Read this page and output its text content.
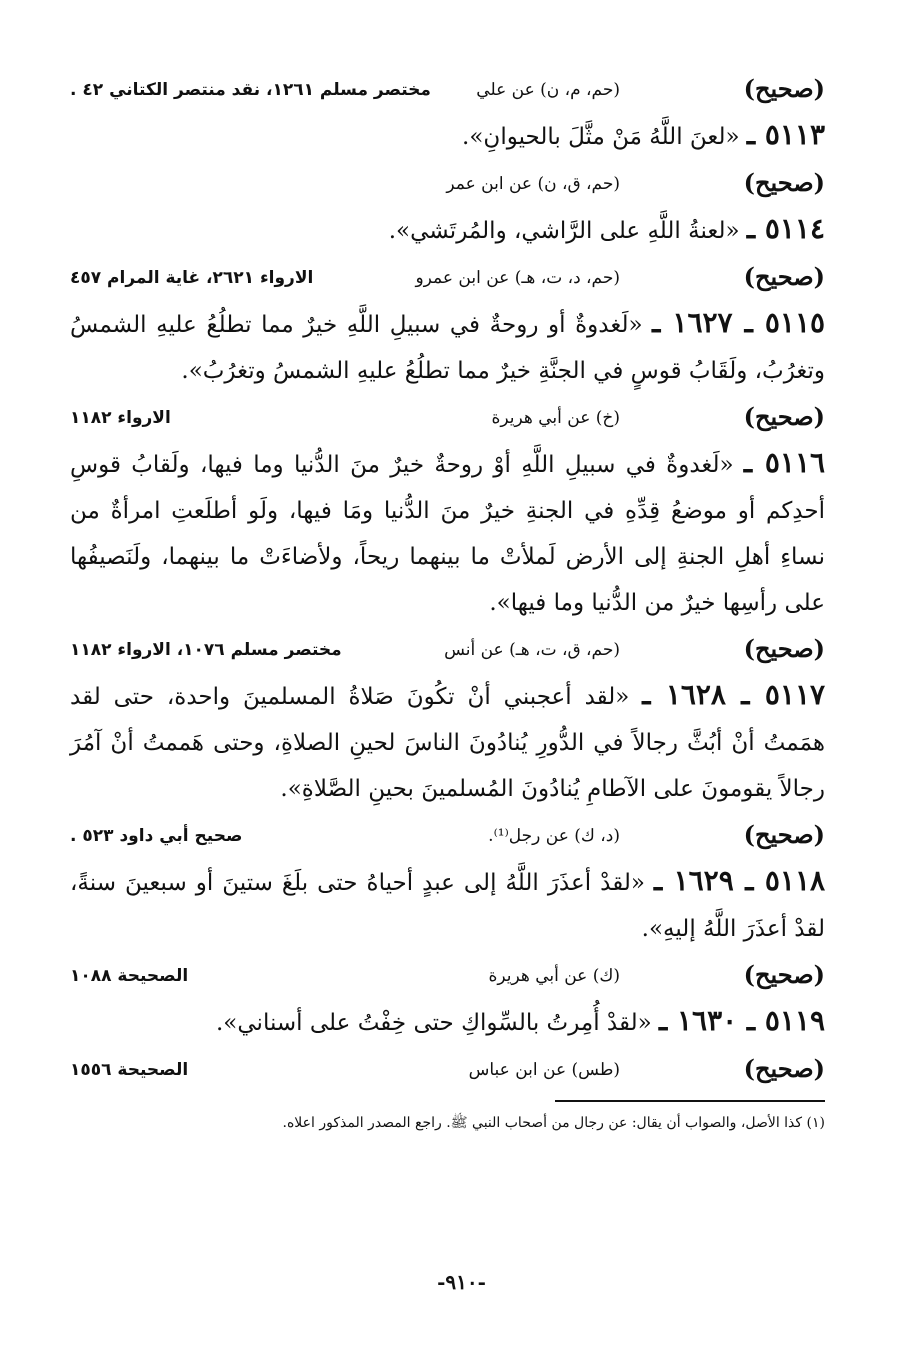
(صحيح)
(حم، م، ن) عن علي
مختصر مسلم ١٢٦١، نقد منتصر الكتاني ٤٢ .
٥١١٣ ـ «لعنَ اللَّهُ مَنْ مثَّلَ بالحيوانِ».
(صحيح)
(حم، ق، ن) عن ابن عمر
٥١١٤ ـ «لعنةُ اللَّهِ على الرَّاشي، والمُرتَشي».
(صحيح)
(حم، د، ت، هـ) عن ابن عمرو
الارواء ٢٦٢١، غاية المرام ٤٥٧
٥١١٥ ـ ١٦٢٧ ـ «لَغدوةٌ أو روحةٌ في سبيلِ اللَّهِ خيرٌ مما تطلُعُ عليهِ الشمسُ وتغرُبُ، ولَقَابُ قوسٍ في الجنَّةِ خيرٌ مما تطلُعُ عليهِ الشمسُ وتغرُبُ».
(صحيح)
(خ) عن أبي هريرة
الارواء ١١٨٢
٥١١٦ ـ «لَغدوةٌ في سبيلِ اللَّهِ أوْ روحةٌ خيرٌ منَ الدُّنيا وما فيها، ولَقابُ قوسِ أحدِكم أو موضعُ قِدِّهِ في الجنةِ خيرٌ منَ الدُّنيا ومَا فيها، ولَو أطلَعتِ امرأةٌ من نساءِ أهلِ الجنةِ إلى الأرض لَملأتْ ما بينهما ريحاً، ولأضاءَتْ ما بينهما، ولَنَصيفُها على رأسِها خيرٌ من الدُّنيا وما فيها».
(صحيح)
(حم، ق، ت، هـ) عن أنس
مختصر مسلم ١٠٧٦، الارواء ١١٨٢
٥١١٧ ـ ١٦٢٨ ـ «لقد أعجبني أنْ تكُونَ صَلاةُ المسلمينَ واحدة، حتى لقد همَمتُ أنْ أبُثَّ رجالاً في الدُّورِ يُنادُونَ الناسَ لحينِ الصلاةِ، وحتى هَممتُ أنْ آمُرَ رجالاً يقومونَ على الآطامِ يُنادُونَ المُسلمينَ بحينِ الصَّلاةِ».
(صحيح)
(د، ك) عن رجل⁽¹⁾.
صحيح أبي داود ٥٢٣ .
٥١١٨ ـ ١٦٢٩ ـ «لقدْ أعذَرَ اللَّهُ إلى عبدٍ أحياهُ حتى بلَغَ ستينَ أو سبعينَ سنةً، لقدْ أعذَرَ اللَّهُ إليهِ».
(صحيح)
(ك) عن أبي هريرة
الصحيحة ١٠٨٨
٥١١٩ ـ ١٦٣٠ ـ «لقدْ أُمِرتُ بالسِّواكِ حتى خِفْتُ على أسناني».
(صحيح)
(طس) عن ابن عباس
الصحيحة ١٥٥٦
(١) كذا الأصل، والصواب أن يقال: عن رجال من أصحاب النبي ﷺ. راجع المصدر المذكور اعلاه.
-٩١٠-
